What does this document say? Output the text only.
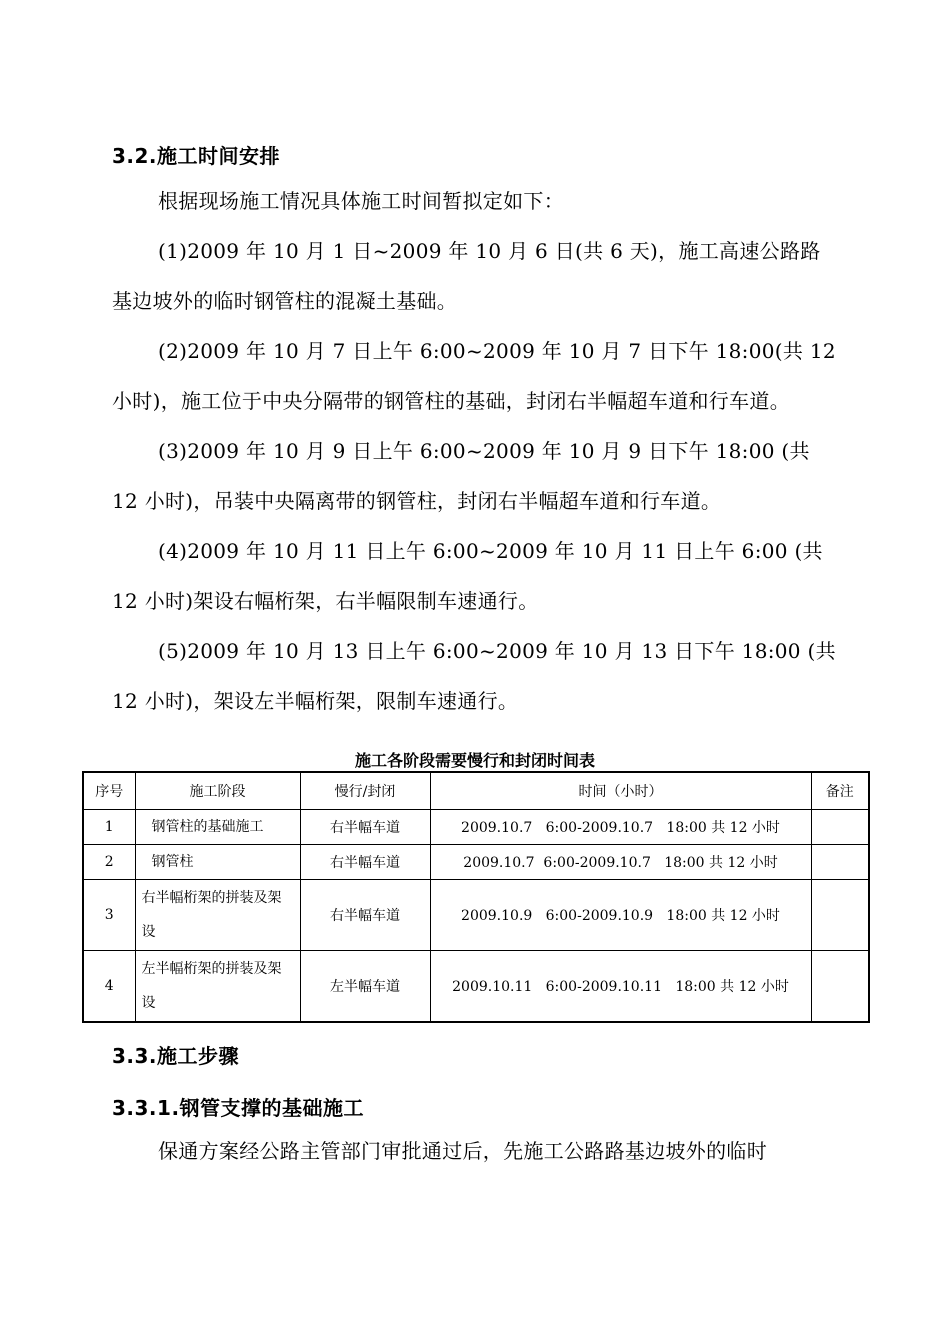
3.2.施工时间安排
根据现场施工情况具体施工时间暂拟定如下：
(1)2009 年 10 月 1 日~2009 年 10 月 6 日(共 6 天)，施工高速公路路基边坡外的临时钢管柱的混凝土基础。
(2)2009 年 10 月 7 日上午 6:00~2009 年 10 月 7 日下午 18:00(共 12 小时)，施工位于中央分隔带的钢管柱的基础，封闭右半幅超车道和行车道。
(3)2009 年 10 月 9 日上午 6:00~2009 年 10 月 9 日下午 18:00 (共 12 小时)，吊装中央隔离带的钢管柱，封闭右半幅超车道和行车道。
(4)2009 年 10 月 11 日上午 6:00~2009 年 10 月 11 日上午 6:00 (共 12 小时)架设右幅桁架，右半幅限制车速通行。
(5)2009 年 10 月 13 日上午 6:00~2009 年 10 月 13 日下午 18:00 (共 12 小时)，架设左半幅桁架，限制车速通行。
施工各阶段需要慢行和封闭时间表
序号	施工阶段	慢行/封闭	时间（小时）	备注
1	钢管柱的基础施工	右半幅车道	2009.10.7   6:00-2009.10.7   18:00 共 12 小时	
2	钢管柱	右半幅车道	2009.10.7  6:00-2009.10.7   18:00 共 12 小时	
3	右半幅桁架的拼装及架设	右半幅车道	2009.10.9   6:00-2009.10.9   18:00 共 12 小时	
4	左半幅桁架的拼装及架设	左半幅车道	2009.10.11   6:00-2009.10.11   18:00 共 12 小时	
3.3.施工步骤
3.3.1.钢管支撑的基础施工
保通方案经公路主管部门审批通过后，先施工公路路基边坡外的临时
